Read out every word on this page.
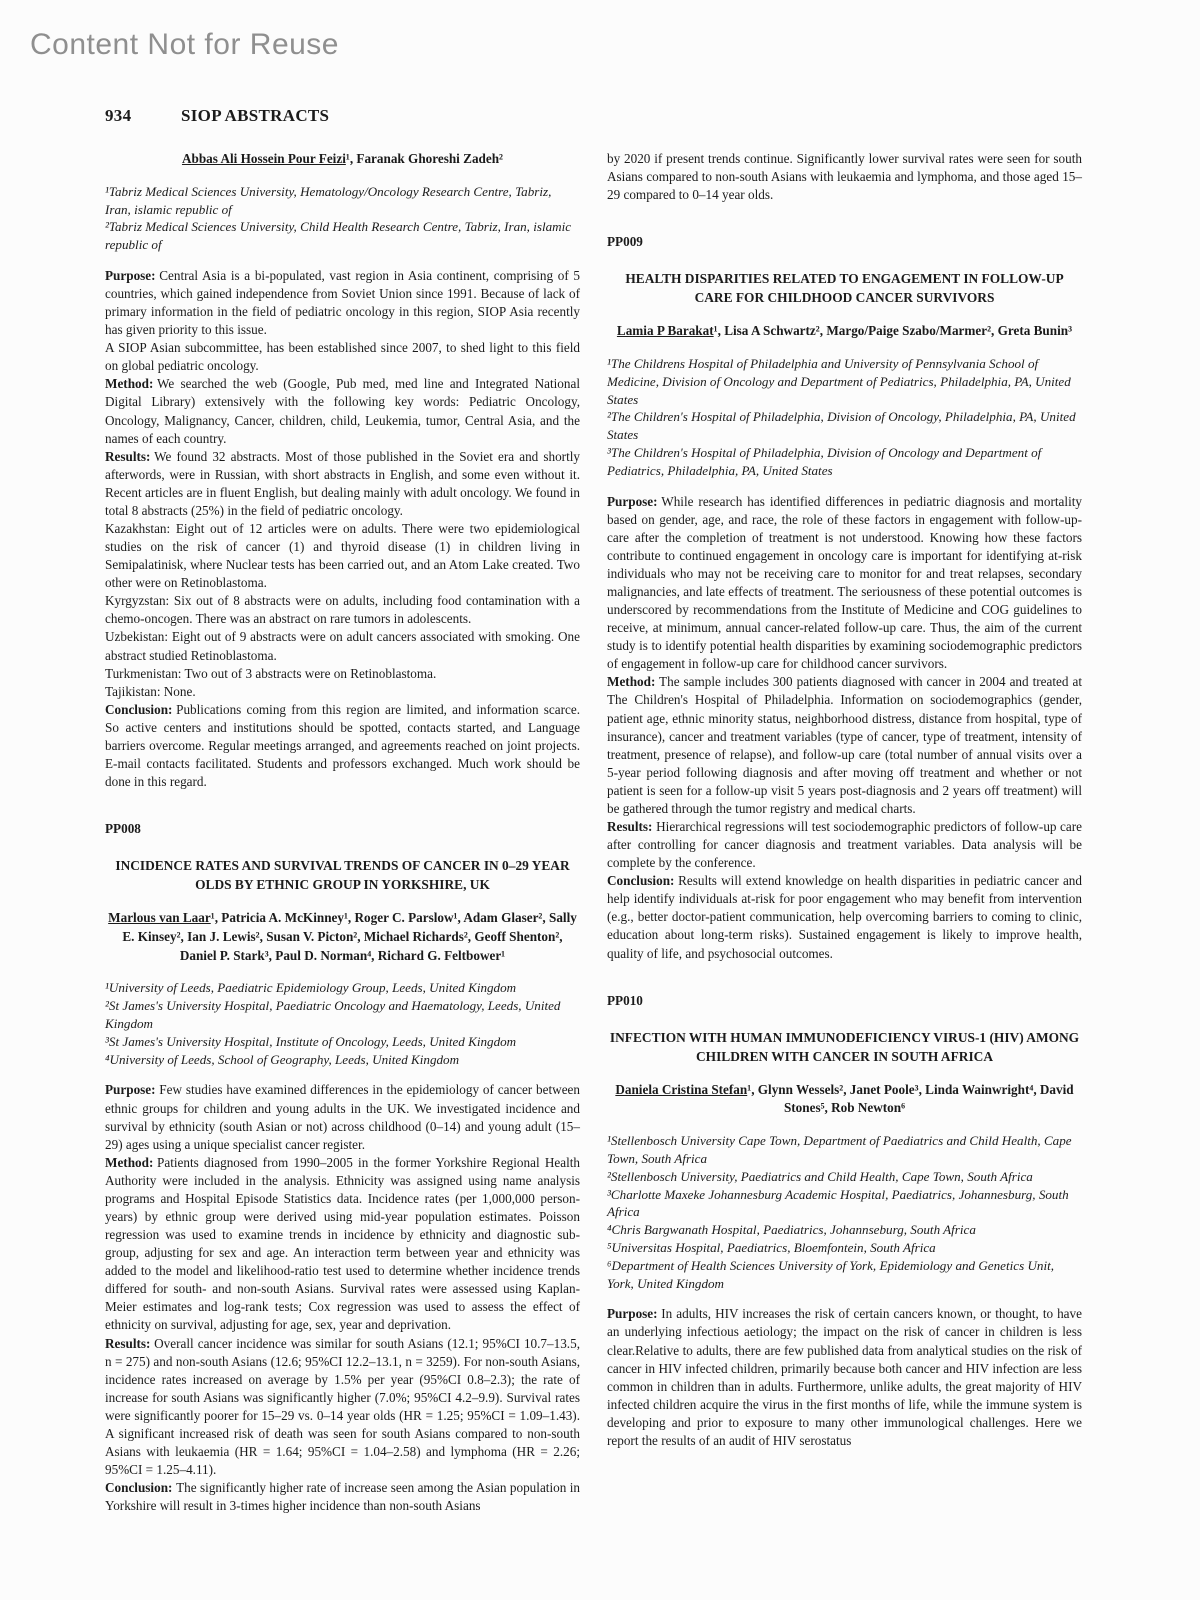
Content Not for Reuse
934	SIOP ABSTRACTS
Abbas Ali Hossein Pour Feizi¹, Faranak Ghoreshi Zadeh²

¹Tabriz Medical Sciences University, Hematology/Oncology Research Centre, Tabriz, Iran, islamic republic of

²Tabriz Medical Sciences University, Child Health Research Centre, Tabriz, Iran, islamic republic of

Purpose: Central Asia is a bi-populated, vast region in Asia continent, comprising of 5 countries, which gained independence from Soviet Union since 1991. Because of lack of primary information in the field of pediatric oncology in this region, SIOP Asia recently has given priority to this issue.

A SIOP Asian subcommittee, has been established since 2007, to shed light to this field on global pediatric oncology.

Method: We searched the web (Google, Pub med, med line and Integrated National Digital Library) extensively with the following key words: Pediatric Oncology, Oncology, Malignancy, Cancer, children, child, Leukemia, tumor, Central Asia, and the names of each country.

Results: We found 32 abstracts. Most of those published in the Soviet era and shortly afterwords, were in Russian, with short abstracts in English, and some even without it. Recent articles are in fluent English, but dealing mainly with adult oncology. We found in total 8 abstracts (25%) in the field of pediatric oncology.

Kazakhstan: Eight out of 12 articles were on adults. There were two epidemiological studies on the risk of cancer (1) and thyroid disease (1) in children living in Semipalatinisk, where Nuclear tests has been carried out, and an Atom Lake created. Two other were on Retinoblastoma.

Kyrgyzstan: Six out of 8 abstracts were on adults, including food contamination with a chemo-oncogen. There was an abstract on rare tumors in adolescents.

Uzbekistan: Eight out of 9 abstracts were on adult cancers associated with smoking. One abstract studied Retinoblastoma.

Turkmenistan: Two out of 3 abstracts were on Retinoblastoma.

Tajikistan: None.

Conclusion: Publications coming from this region are limited, and information scarce. So active centers and institutions should be spotted, contacts started, and Language barriers overcome. Regular meetings arranged, and agreements reached on joint projects. E-mail contacts facilitated. Students and professors exchanged. Much work should be done in this regard.

PP008
INCIDENCE RATES AND SURVIVAL TRENDS OF CANCER IN 0–29 YEAR OLDS BY ETHNIC GROUP IN YORKSHIRE, UK
Marlous van Laar¹, Patricia A. McKinney¹, Roger C. Parslow¹, Adam Glaser², Sally E. Kinsey², Ian J. Lewis², Susan V. Picton², Michael Richards², Geoff Shenton², Daniel P. Stark³, Paul D. Norman⁴, Richard G. Feltbower¹

¹University of Leeds, Paediatric Epidemiology Group, Leeds, United Kingdom

²St James's University Hospital, Paediatric Oncology and Haematology, Leeds, United Kingdom

³St James's University Hospital, Institute of Oncology, Leeds, United Kingdom

⁴University of Leeds, School of Geography, Leeds, United Kingdom

Purpose: Few studies have examined differences in the epidemiology of cancer between ethnic groups for children and young adults in the UK. We investigated incidence and survival by ethnicity (south Asian or not) across childhood (0–14) and young adult (15–29) ages using a unique specialist cancer register.

Method: Patients diagnosed from 1990–2005 in the former Yorkshire Regional Health Authority were included in the analysis. Ethnicity was assigned using name analysis programs and Hospital Episode Statistics data. Incidence rates (per 1,000,000 person-years) by ethnic group were derived using mid-year population estimates. Poisson regression was used to examine trends in incidence by ethnicity and diagnostic sub-group, adjusting for sex and age. An interaction term between year and ethnicity was added to the model and likelihood-ratio test used to determine whether incidence trends differed for south- and non-south Asians. Survival rates were assessed using Kaplan-Meier estimates and log-rank tests; Cox regression was used to assess the effect of ethnicity on survival, adjusting for age, sex, year and deprivation.

Results: Overall cancer incidence was similar for south Asians (12.1; 95%CI 10.7–13.5, n = 275) and non-south Asians (12.6; 95%CI 12.2–13.1, n = 3259). For non-south Asians, incidence rates increased on average by 1.5% per year (95%CI 0.8–2.3); the rate of increase for south Asians was significantly higher (7.0%; 95%CI 4.2–9.9). Survival rates were significantly poorer for 15–29 vs. 0–14 year olds (HR = 1.25; 95%CI = 1.09–1.43). A significant increased risk of death was seen for south Asians compared to non-south Asians with leukaemia (HR = 1.64; 95%CI = 1.04–2.58) and lymphoma (HR = 2.26; 95%CI = 1.25–4.11).

Conclusion: The significantly higher rate of increase seen among the Asian population in Yorkshire will result in 3-times higher incidence than non-south Asians

by 2020 if present trends continue. Significantly lower survival rates were seen for south Asians compared to non-south Asians with leukaemia and lymphoma, and those aged 15–29 compared to 0–14 year olds.

PP009
HEALTH DISPARITIES RELATED TO ENGAGEMENT IN FOLLOW-UP CARE FOR CHILDHOOD CANCER SURVIVORS
Lamia P Barakat¹, Lisa A Schwartz², Margo/Paige Szabo/Marmer², Greta Bunin³

¹The Childrens Hospital of Philadelphia and University of Pennsylvania School of Medicine, Division of Oncology and Department of Pediatrics, Philadelphia, PA, United States

²The Children's Hospital of Philadelphia, Division of Oncology, Philadelphia, PA, United States

³The Children's Hospital of Philadelphia, Division of Oncology and Department of Pediatrics, Philadelphia, PA, United States

Purpose: While research has identified differences in pediatric diagnosis and mortality based on gender, age, and race, the role of these factors in engagement with follow-up-care after the completion of treatment is not understood. Knowing how these factors contribute to continued engagement in oncology care is important for identifying at-risk individuals who may not be receiving care to monitor for and treat relapses, secondary malignancies, and late effects of treatment. The seriousness of these potential outcomes is underscored by recommendations from the Institute of Medicine and COG guidelines to receive, at minimum, annual cancer-related follow-up care. Thus, the aim of the current study is to identify potential health disparities by examining sociodemographic predictors of engagement in follow-up care for childhood cancer survivors.

Method: The sample includes 300 patients diagnosed with cancer in 2004 and treated at The Children's Hospital of Philadelphia. Information on sociodemographics (gender, patient age, ethnic minority status, neighborhood distress, distance from hospital, type of insurance), cancer and treatment variables (type of cancer, type of treatment, intensity of treatment, presence of relapse), and follow-up care (total number of annual visits over a 5-year period following diagnosis and after moving off treatment and whether or not patient is seen for a follow-up visit 5 years post-diagnosis and 2 years off treatment) will be gathered through the tumor registry and medical charts.

Results: Hierarchical regressions will test sociodemographic predictors of follow-up care after controlling for cancer diagnosis and treatment variables. Data analysis will be complete by the conference.

Conclusion: Results will extend knowledge on health disparities in pediatric cancer and help identify individuals at-risk for poor engagement who may benefit from intervention (e.g., better doctor-patient communication, help overcoming barriers to coming to clinic, education about long-term risks). Sustained engagement is likely to improve health, quality of life, and psychosocial outcomes.

PP010
INFECTION WITH HUMAN IMMUNODEFICIENCY VIRUS-1 (HIV) AMONG CHILDREN WITH CANCER IN SOUTH AFRICA
Daniela Cristina Stefan¹, Glynn Wessels², Janet Poole³, Linda Wainwright⁴, David Stones⁵, Rob Newton⁶

¹Stellenbosch University Cape Town, Department of Paediatrics and Child Health, Cape Town, South Africa

²Stellenbosch University, Paediatrics and Child Health, Cape Town, South Africa

³Charlotte Maxeke Johannesburg Academic Hospital, Paediatrics, Johannesburg, South Africa

⁴Chris Bargwanath Hospital, Paediatrics, Johannseburg, South Africa

⁵Universitas Hospital, Paediatrics, Bloemfontein, South Africa

⁶Department of Health Sciences University of York, Epidemiology and Genetics Unit, York, United Kingdom

Purpose: In adults, HIV increases the risk of certain cancers known, or thought, to have an underlying infectious aetiology; the impact on the risk of cancer in children is less clear.Relative to adults, there are few published data from analytical studies on the risk of cancer in HIV infected children, primarily because both cancer and HIV infection are less common in children than in adults. Furthermore, unlike adults, the great majority of HIV infected children acquire the virus in the first months of life, while the immune system is developing and prior to exposure to many other immunological challenges. Here we report the results of an audit of HIV serostatus
